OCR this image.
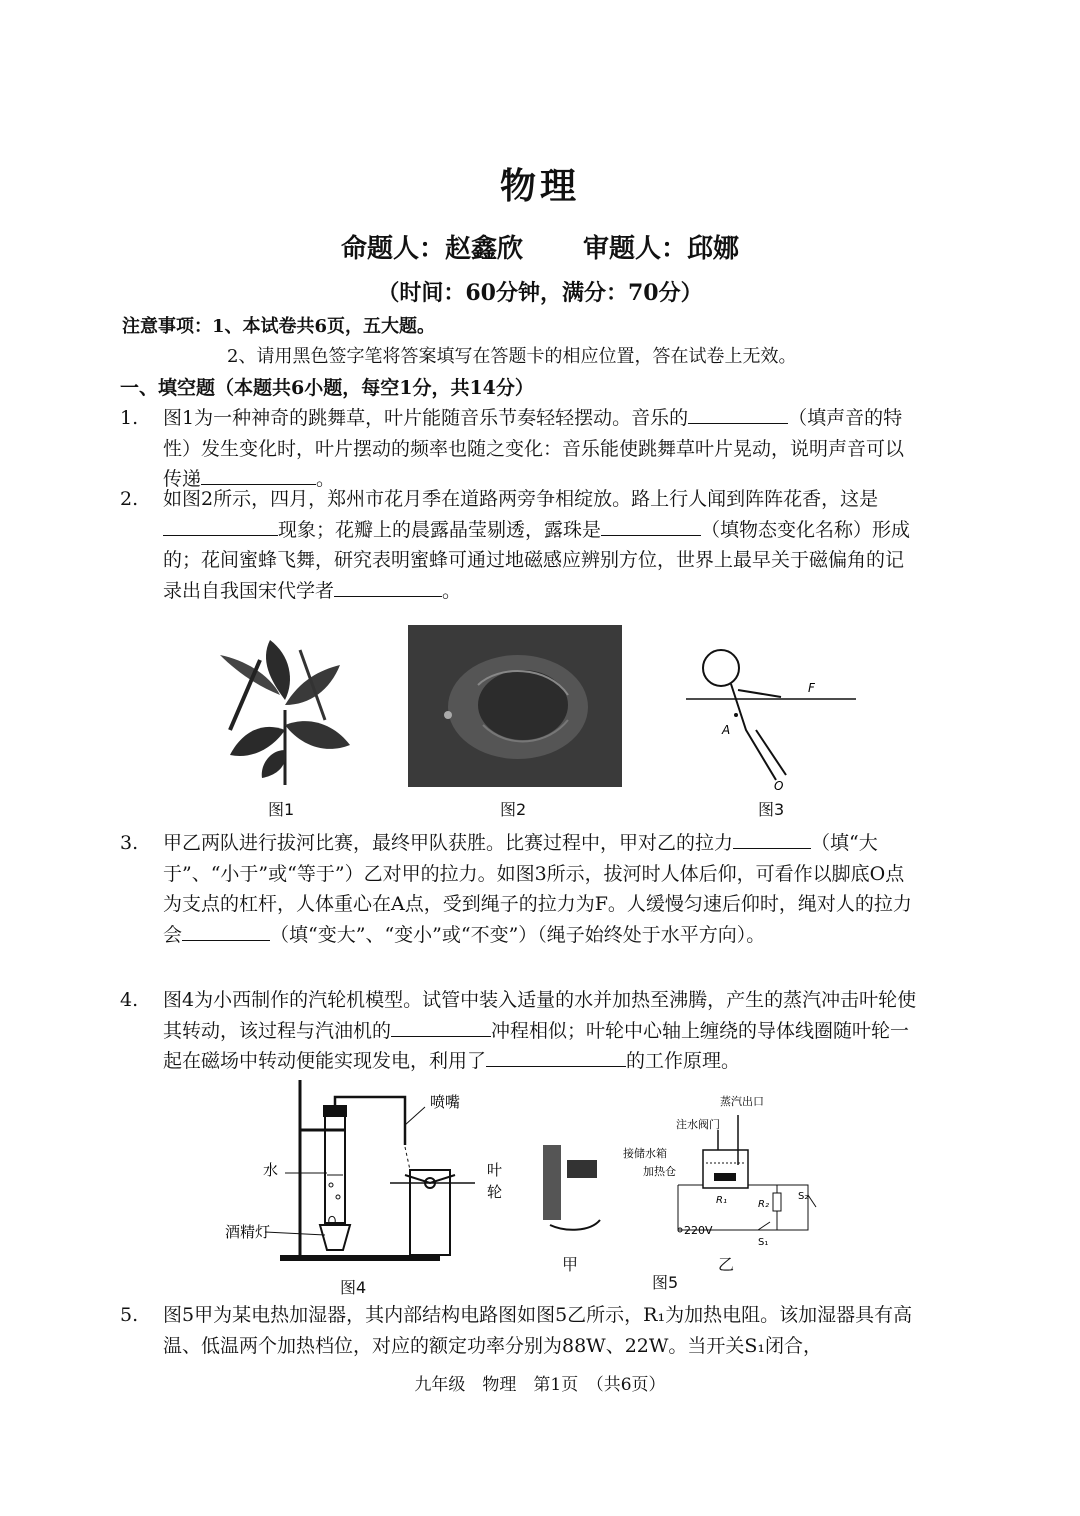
物理
命题人：赵鑫欣 审题人：邱娜
（时间：60分钟，满分：70分）
注意事项：1、本试卷共6页，五大题。
2、请用黑色签字笔将答案填写在答题卡的相应位置，答在试卷上无效。
一、填空题（本题共6小题，每空1分，共14分）
1.	图1为一种神奇的跳舞草，叶片能随音乐节奏轻轻摆动。音乐的	（填声音的特性）发生变化时，叶片摆动的频率也随之变化：音乐能使跳舞草叶片晃动，说明声音可以传递	。
2.	如图2所示，四月，郑州市花月季在道路两旁争相绽放。路上行人闻到阵阵花香，这是现象；花瓣上的晨露晶莹剔透，露珠是	（填物态变化名称）形成的；花间蜜蜂飞舞，研究表明蜜蜂可通过地磁感应辨别方位，世界上最早关于磁偏角的记录出自我国宋代学者	。
图1	图2
A
F
O
图3
3.	甲乙两队进行拔河比赛，最终甲队获胜。比赛过程中，甲对乙的拉力	（填“大于”、“小于”或“等于”）乙对甲的拉力。如图3所示，拔河时人体后仰，可看作以脚底O点为支点的杠杆，人体重心在A点，受到绳子的拉力为F。人缓慢匀速后仰时，绳对人的拉力会	（填“变大”、“变小”或“不变”）（绳子始终处于水平方向）。
4.	图4为小西制作的汽轮机模型。试管中装入适量的水并加热至沸腾，产生的蒸汽冲击叶轮使其转动，该过程与汽油机的	冲程相似；叶轮中心轴上缠绕的导体线圈随叶轮一起在磁场中转动便能实现发电，利用了	的工作原理。
水
喷嘴
叶
轮
酒精灯
图4
甲
蒸汽出口
注水阀门
接储水箱
加热仓
R₁	R₂
S₂
S₁
220V
乙
图5
5.	图5甲为某电热加湿器，其内部结构电路图如图5乙所示，R₁为加热电阻。该加湿器具有高温、低温两个加热档位，对应的额定功率分别为88W、22W。当开关S₁闭合，
九年级　物理　第1页　（共6页）
